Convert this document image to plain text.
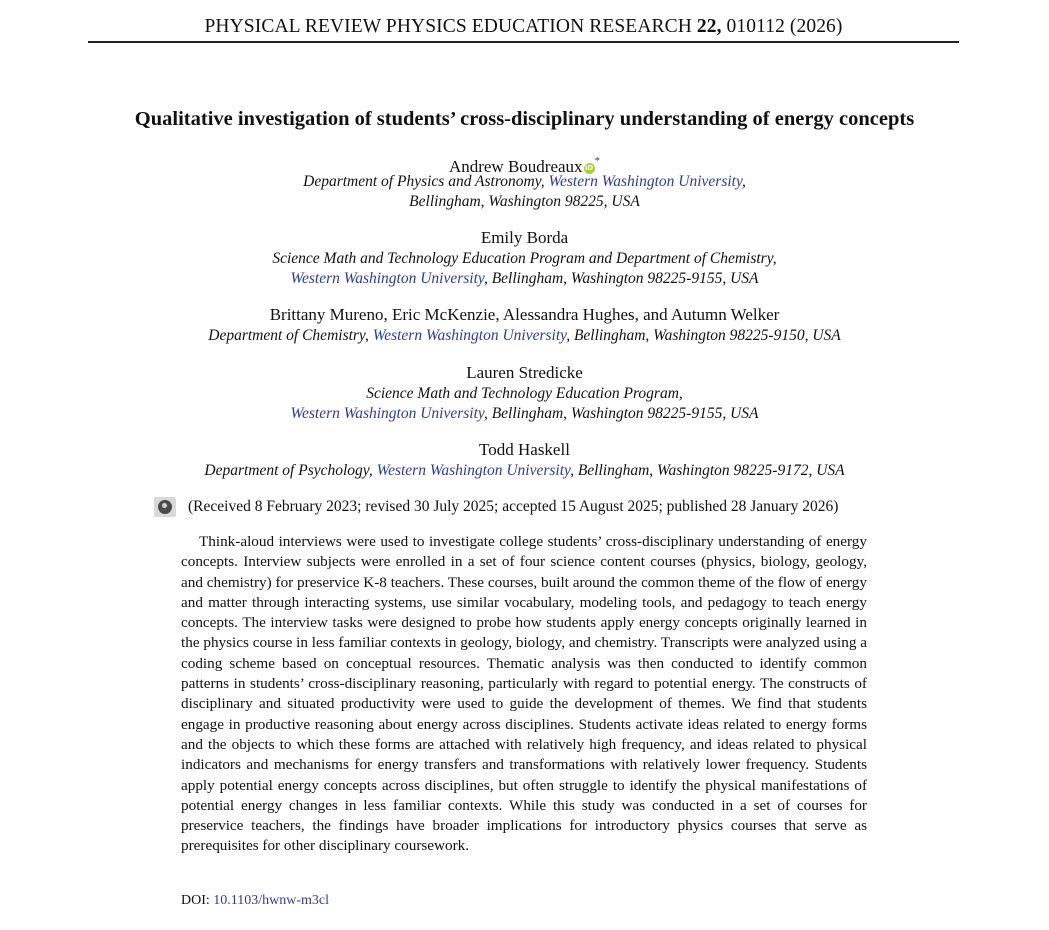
PHYSICAL REVIEW PHYSICS EDUCATION RESEARCH 22, 010112 (2026)
Qualitative investigation of students’ cross-disciplinary understanding of energy concepts
Andrew Boudreaux iD*
Department of Physics and Astronomy, Western Washington University,
Bellingham, Washington 98225, USA
Emily Borda
Science Math and Technology Education Program and Department of Chemistry,
Western Washington University, Bellingham, Washington 98225-9155, USA
Brittany Mureno, Eric McKenzie, Alessandra Hughes, and Autumn Welker
Department of Chemistry, Western Washington University, Bellingham, Washington 98225-9150, USA
Lauren Stredicke
Science Math and Technology Education Program,
Western Washington University, Bellingham, Washington 98225-9155, USA
Todd Haskell
Department of Psychology, Western Washington University, Bellingham, Washington 98225-9172, USA
(Received 8 February 2023; revised 30 July 2025; accepted 15 August 2025; published 28 January 2026)

Think-aloud interviews were used to investigate college students’ cross-disciplinary understanding of energy concepts. Interview subjects were enrolled in a set of four science content courses (physics, biology, geology, and chemistry) for preservice K-8 teachers. These courses, built around the common theme of the flow of energy and matter through interacting systems, use similar vocabulary, modeling tools, and pedagogy to teach energy concepts. The interview tasks were designed to probe how students apply energy concepts originally learned in the physics course in less familiar contexts in geology, biology, and chemistry. Transcripts were analyzed using a coding scheme based on conceptual resources. Thematic analysis was then conducted to identify common patterns in students’ cross-disciplinary reasoning, particularly with regard to potential energy. The constructs of disciplinary and situated productivity were used to guide the development of themes. We find that students engage in productive reasoning about energy across disciplines. Students activate ideas related to energy forms and the objects to which these forms are attached with relatively high frequency, and ideas related to physical indicators and mechanisms for energy transfers and transformations with relatively lower frequency. Students apply potential energy concepts across disciplines, but often struggle to identify the physical manifestations of potential energy changes in less familiar contexts. While this study was conducted in a set of courses for preservice teachers, the findings have broader implications for introductory physics courses that serve as prerequisites for other disciplinary coursework.

DOI: 10.1103/hwnw-m3cl
